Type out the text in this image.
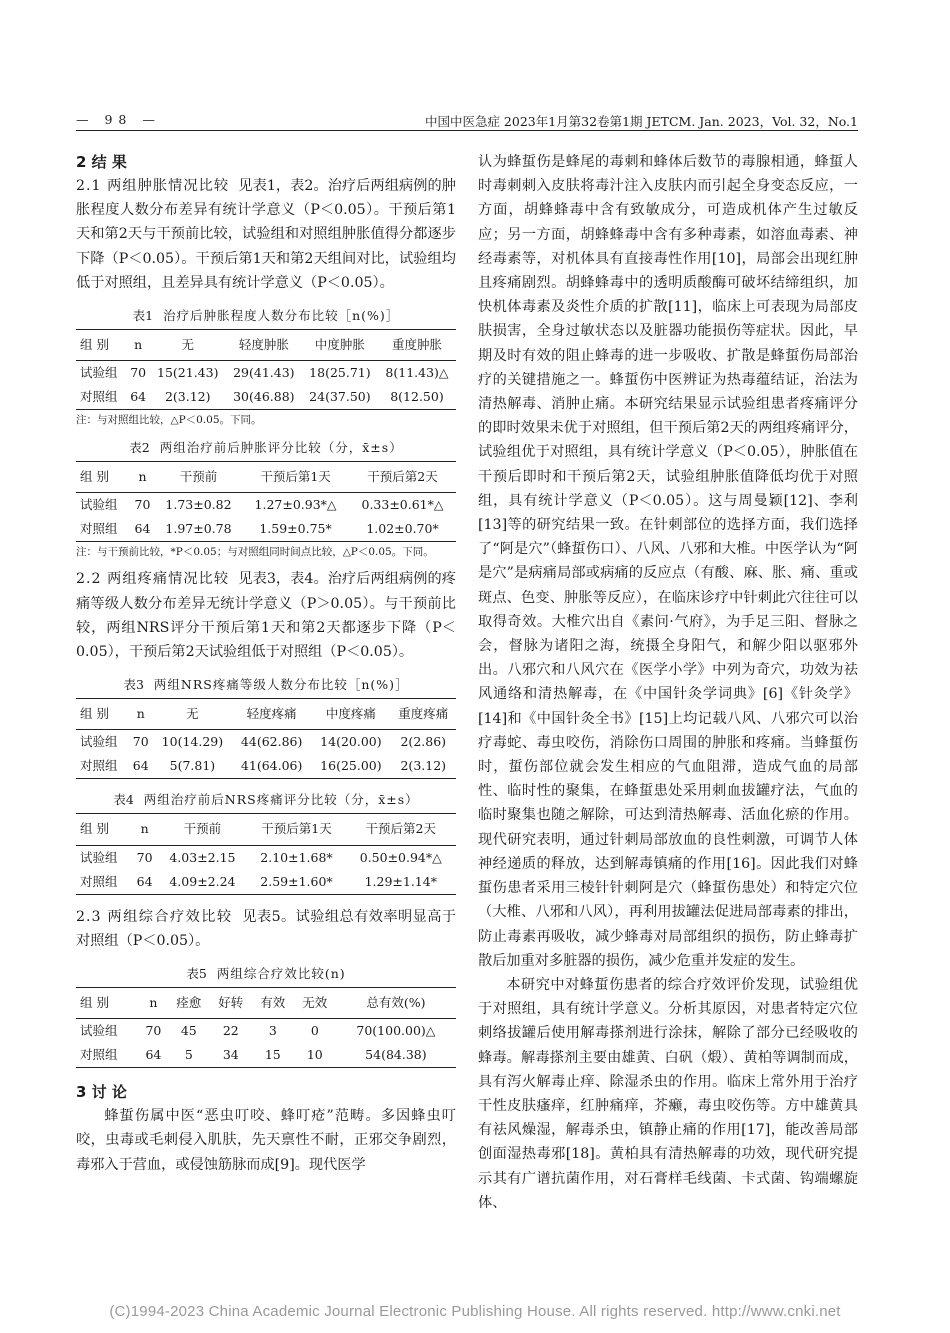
— 98 —	中国中医急症 2023年1月第32卷第1期 JETCM. Jan. 2023，Vol. 32，No.1
2 结 果

2.1 两组肿胀情况比较 见表1，表2。治疗后两组病例的肿胀程度人数分布差异有统计学意义（P＜0.05）。干预后第1天和第2天与干预前比较，试验组和对照组肿胀值得分都逐步下降（P＜0.05）。干预后第1天和第2天组间对比，试验组均低于对照组，且差异具有统计学意义（P＜0.05）。

表1 治疗后肿胀程度人数分布比较［n(%)］
组 别	n	无	轻度肿胀	中度肿胀	重度肿胀
试验组	70	15(21.43)	29(41.43)	18(25.71)	8(11.43)△
对照组	64	2(3.12)	30(46.88)	24(37.50)	8(12.50)
注：与对照组比较，△P＜0.05。下同。
表2 两组治疗前后肿胀评分比较（分，x̄±s）
组 别	n	干预前	干预后第1天	干预后第2天
试验组	70	1.73±0.82	1.27±0.93*△	0.33±0.61*△
对照组	64	1.97±0.78	1.59±0.75*	1.02±0.70*
注：与干预前比较，*P＜0.05；与对照组同时间点比较，△P＜0.05。下同。

2.2 两组疼痛情况比较 见表3，表4。治疗后两组病例的疼痛等级人数分布差异无统计学意义（P＞0.05）。与干预前比较，两组NRS评分干预后第1天和第2天都逐步下降（P＜0.05），干预后第2天试验组低于对照组（P＜0.05）。

表3 两组NRS疼痛等级人数分布比较［n(%)］
组 别	n	无	轻度疼痛	中度疼痛	重度疼痛
试验组	70	10(14.29)	44(62.86)	14(20.00)	2(2.86)
对照组	64	5(7.81)	41(64.06)	16(25.00)	2(3.12)
表4 两组治疗前后NRS疼痛评分比较（分，x̄±s）
组 别	n	干预前	干预后第1天	干预后第2天
试验组	70	4.03±2.15	2.10±1.68*	0.50±0.94*△
对照组	64	4.09±2.24	2.59±1.60*	1.29±1.14*

2.3 两组综合疗效比较 见表5。试验组总有效率明显高于对照组（P＜0.05）。

表5 两组综合疗效比较(n)
组 别	n	痊愈	好转	有效	无效	总有效(%)
试验组	70	45	22	3	0	70(100.00)△
对照组	64	5	34	15	10	54(84.38)
3 讨 论

蜂蜇伤属中医“恶虫叮咬、蜂叮疮”范畴。多因蜂虫叮咬，虫毒或毛刺侵入肌肤，先天禀性不耐，正邪交争剧烈，毒邪入于营血，或侵蚀筋脉而成[9]。现代医学

认为蜂蜇伤是蜂尾的毒刺和蜂体后数节的毒腺相通，蜂蜇人时毒刺刺入皮肤将毒汁注入皮肤内而引起全身变态反应，一方面，胡蜂蜂毒中含有致敏成分，可造成机体产生过敏反应；另一方面，胡蜂蜂毒中含有多种毒素，如溶血毒素、神经毒素等，对机体具有直接毒性作用[10]，局部会出现红肿且疼痛剧烈。胡蜂蜂毒中的透明质酸酶可破坏结缔组织，加快机体毒素及炎性介质的扩散[11]，临床上可表现为局部皮肤损害，全身过敏状态以及脏器功能损伤等症状。因此，早期及时有效的阻止蜂毒的进一步吸收、扩散是蜂蜇伤局部治疗的关键措施之一。蜂蜇伤中医辨证为热毒蕴结证，治法为清热解毒、消肿止痛。本研究结果显示试验组患者疼痛评分的即时效果未优于对照组，但干预后第2天的两组疼痛评分，试验组优于对照组，具有统计学意义（P＜0.05），肿胀值在干预后即时和干预后第2天，试验组肿胀值降低均优于对照组，具有统计学意义（P＜0.05）。这与周曼颖[12]、李利[13]等的研究结果一致。在针刺部位的选择方面，我们选择了“阿是穴”（蜂蜇伤口）、八风、八邪和大椎。中医学认为“阿是穴”是病痛局部或病痛的反应点（有酸、麻、胀、痛、重或斑点、色变、肿胀等反应），在临床诊疗中针刺此穴往往可以取得奇效。大椎穴出自《素问·气府》，为手足三阳、督脉之会，督脉为诸阳之海，统摄全身阳气，和解少阳以驱邪外出。八邪穴和八风穴在《医学小学》中列为奇穴，功效为祛风通络和清热解毒，在《中国针灸学词典》[6]《针灸学》[14]和《中国针灸全书》[15]上均记载八风、八邪穴可以治疗毒蛇、毒虫咬伤，消除伤口周围的肿胀和疼痛。当蜂蜇伤时，蜇伤部位就会发生相应的气血阻滞，造成气血的局部性、临时性的聚集，在蜂蜇患处采用刺血拔罐疗法，气血的临时聚集也随之解除，可达到清热解毒、活血化瘀的作用。现代研究表明，通过针刺局部放血的良性刺激，可调节人体神经递质的释放，达到解毒镇痛的作用[16]。因此我们对蜂蜇伤患者采用三棱针针刺阿是穴（蜂蜇伤患处）和特定穴位（大椎、八邪和八风），再利用拔罐法促进局部毒素的排出，防止毒素再吸收，减少蜂毒对局部组织的损伤，防止蜂毒扩散后加重对多脏器的损伤，减少危重并发症的发生。

本研究中对蜂蜇伤患者的综合疗效评价发现，试验组优于对照组，具有统计学意义。分析其原因，对患者特定穴位刺络拔罐后使用解毒搽剂进行涂抹，解除了部分已经吸收的蜂毒。解毒搽剂主要由雄黄、白矾（煅）、黄柏等调制而成，具有泻火解毒止痒、除湿杀虫的作用。临床上常外用于治疗干性皮肤瘙痒，红肿痛痒，芥癞，毒虫咬伤等。方中雄黄具有祛风燥湿，解毒杀虫，镇静止痛的作用[17]，能改善局部创面湿热毒邪[18]。黄柏具有清热解毒的功效，现代研究提示其有广谱抗菌作用，对石膏样毛线菌、卡式菌、钩端螺旋体、

(C)1994-2023 China Academic Journal Electronic Publishing House. All rights reserved. http://www.cnki.net
